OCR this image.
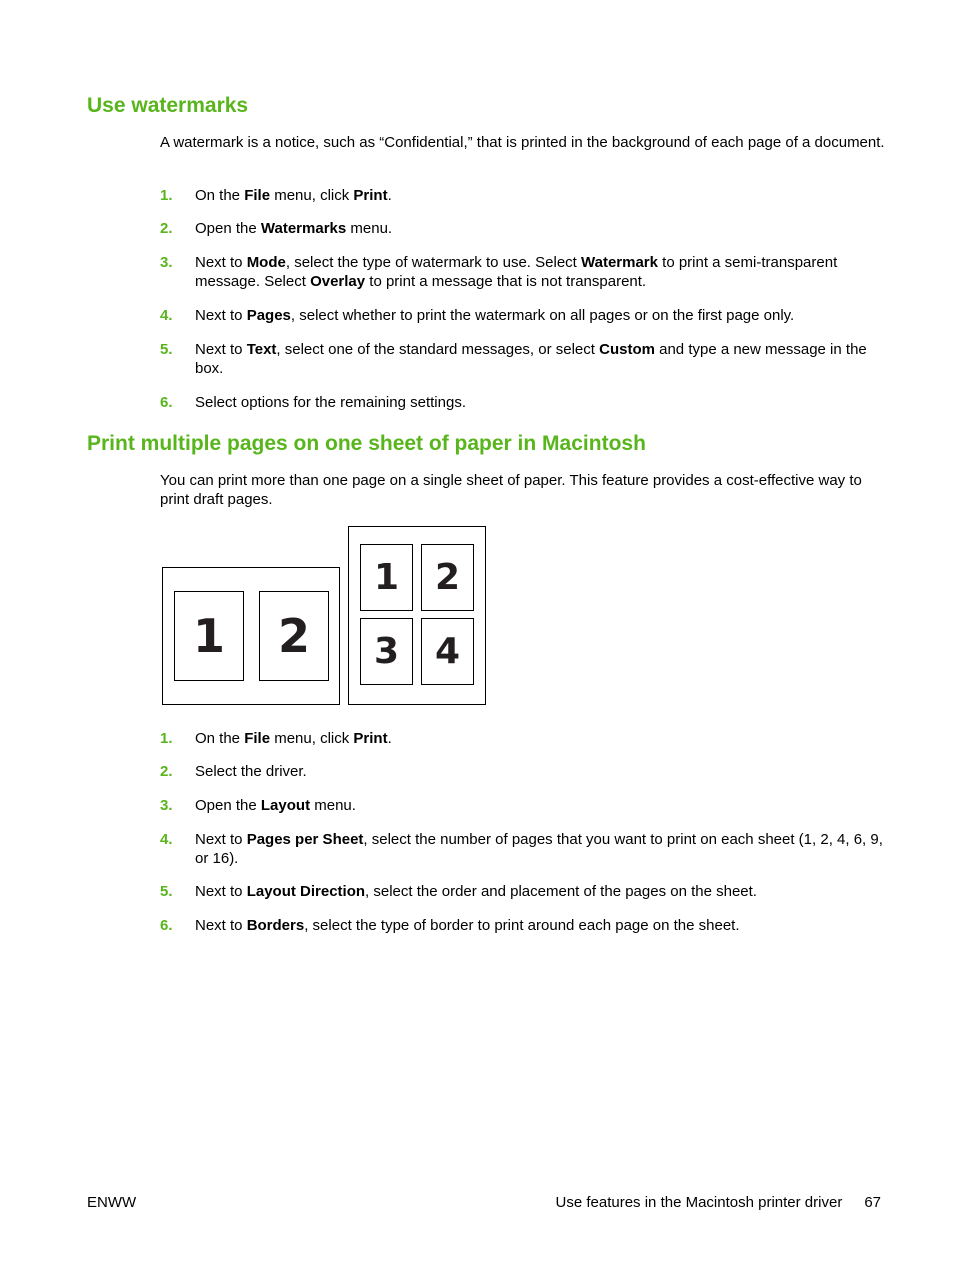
Use watermarks

A watermark is a notice, such as “Confidential,” that is printed in the background of each page of a document.

1. On the File menu, click Print.
2. Open the Watermarks menu.
3. Next to Mode, select the type of watermark to use. Select Watermark to print a semi-transparent message. Select Overlay to print a message that is not transparent.
4. Next to Pages, select whether to print the watermark on all pages or on the first page only.
5. Next to Text, select one of the standard messages, or select Custom and type a new message in the box.
6. Select options for the remaining settings.
Print multiple pages on one sheet of paper in Macintosh

You can print more than one page on a single sheet of paper. This feature provides a cost-effective way to print draft pages.

1	2
1 2
3 4
1. On the File menu, click Print.
2. Select the driver.
3. Open the Layout menu.
4. Next to Pages per Sheet, select the number of pages that you want to print on each sheet (1, 2, 4, 6, 9, or 16).
5. Next to Layout Direction, select the order and placement of the pages on the sheet.
6. Next to Borders, select the type of border to print around each page on the sheet.
ENWW	Use features in the Macintosh printer driver 67
